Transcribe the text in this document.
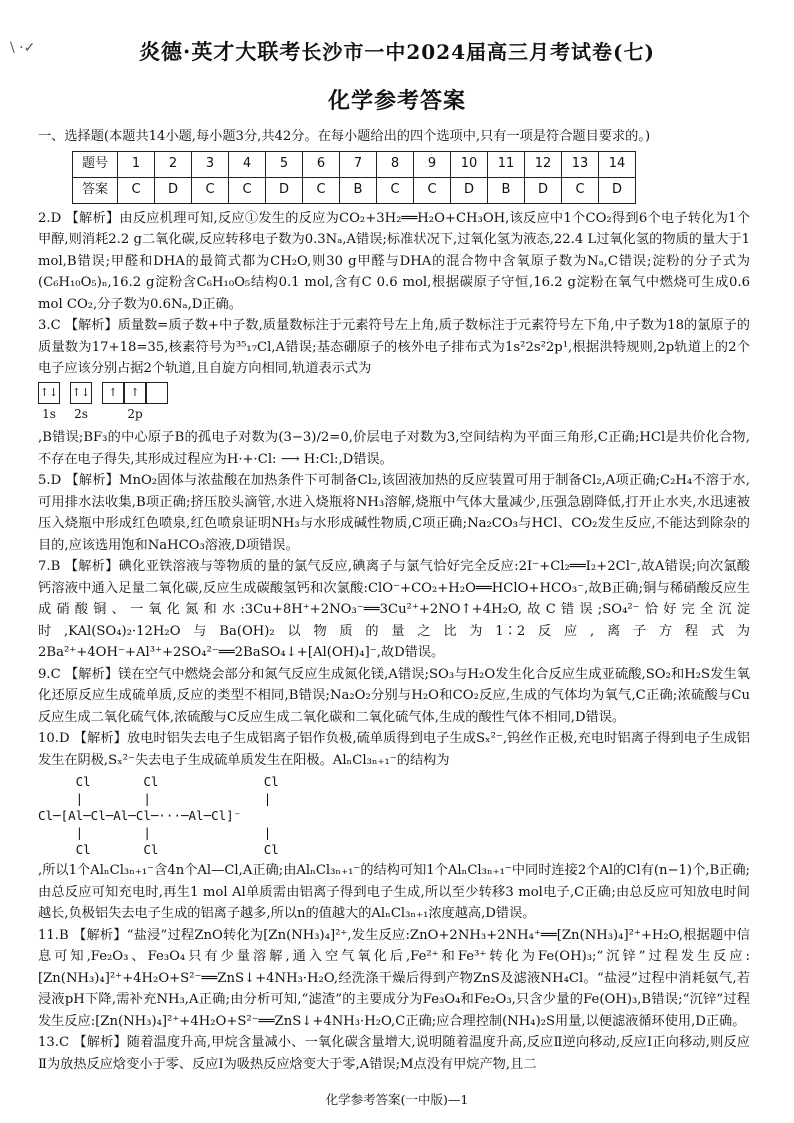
\ ·✓	炎德·英才大联考长沙市一中2024届高三月考试卷(七)
化学参考答案

一、选择题(本题共14小题,每小题3分,共42分。在每小题给出的四个选项中,只有一项是符合题目要求的。)

题号	1	2	3	4	5	6	7	8	9	10	11	12	13	14
答案	C	D	C	C	D	C	B	C	C	D	B	D	C	D

2.D 【解析】由反应机理可知,反应①发生的反应为CO₂+3H₂══H₂O+CH₃OH,该反应中1个CO₂得到6个电子转化为1个甲醇,则消耗2.2 g二氧化碳,反应转移电子数为0.3Nₐ,A错误;标准状况下,过氧化氢为液态,22.4 L过氧化氢的物质的量大于1 mol,B错误;甲醛和DHA的最简式都为CH₂O,则30 g甲醛与DHA的混合物中含氧原子数为Nₐ,C错误;淀粉的分子式为(C₆H₁₀O₅)ₙ,16.2 g淀粉含C₆H₁₀O₅结构0.1 mol,含有C 0.6 mol,根据碳原子守恒,16.2 g淀粉在氧气中燃烧可生成0.6 mol CO₂,分子数为0.6Nₐ,D正确。

3.C 【解析】质量数=质子数+中子数,质量数标注于元素符号左上角,质子数标注于元素符号左下角,中子数为18的氯原子的质量数为17+18=35,核素符号为³⁵₁₇Cl,A错误;基态硼原子的核外电子排布式为1s²2s²2p¹,根据洪特规则,2p轨道上的2个电子应该分别占据2个轨道,且自旋方向相同,轨道表示式为

↑↓
1s
↑↓
2s
↑	↑
2p

,B错误;BF₃的中心原子B的孤电子对数为(3−3)/2=0,价层电子对数为3,空间结构为平面三角形,C正确;HCl是共价化合物,不存在电子得失,其形成过程应为H·+·Cl: ⟶ H:Cl:,D错误。

5.D 【解析】MnO₂固体与浓盐酸在加热条件下可制备Cl₂,该固液加热的反应装置可用于制备Cl₂,A项正确;C₂H₄不溶于水,可用排水法收集,B项正确;挤压胶头滴管,水进入烧瓶将NH₃溶解,烧瓶中气体大量减少,压强急剧降低,打开止水夹,水迅速被压入烧瓶中形成红色喷泉,红色喷泉证明NH₃与水形成碱性物质,C项正确;Na₂CO₃与HCl、CO₂发生反应,不能达到除杂的目的,应该选用饱和NaHCO₃溶液,D项错误。

7.B 【解析】碘化亚铁溶液与等物质的量的氯气反应,碘离子与氯气恰好完全反应:2I⁻+Cl₂══I₂+2Cl⁻,故A错误;向次氯酸钙溶液中通入足量二氧化碳,反应生成碳酸氢钙和次氯酸:ClO⁻+CO₂+H₂O══HClO+HCO₃⁻,故B正确;铜与稀硝酸反应生成硝酸铜、一氧化氮和水:3Cu+8H⁺+2NO₃⁻══3Cu²⁺+2NO↑+4H₂O,故C错误;SO₄²⁻恰好完全沉淀时,KAl(SO₄)₂·12H₂O与Ba(OH)₂以物质的量之比为1∶2反应,离子方程式为2Ba²⁺+4OH⁻+Al³⁺+2SO₄²⁻══2BaSO₄↓+[Al(OH)₄]⁻,故D错误。

9.C 【解析】镁在空气中燃烧会部分和氮气反应生成氮化镁,A错误;SO₃与H₂O发生化合反应生成亚硫酸,SO₂和H₂S发生氧化还原反应生成硫单质,反应的类型不相同,B错误;Na₂O₂分别与H₂O和CO₂反应,生成的气体均为氧气,C正确;浓硫酸与Cu反应生成二氧化硫气体,浓硫酸与C反应生成二氧化碳和二氧化硫气体,生成的酸性气体不相同,D错误。

10.D 【解析】放电时铝失去电子生成铝离子铝作负极,硫单质得到电子生成Sₓ²⁻,钨丝作正极,充电时铝离子得到电子生成铝发生在阴极,Sₓ²⁻失去电子生成硫单质发生在阳极。AlₙCl₃ₙ₊₁⁻的结构为

Cl       Cl              Cl
|        |               |
Cl─[Al─Cl─Al─Cl─···─Al─Cl]⁻
|        |               |
Cl       Cl              Cl

,所以1个AlₙCl₃ₙ₊₁⁻含4n个Al—Cl,A正确;由AlₙCl₃ₙ₊₁⁻的结构可知1个AlₙCl₃ₙ₊₁⁻中同时连接2个Al的Cl有(n−1)个,B正确;由总反应可知充电时,再生1 mol Al单质需由铝离子得到电子生成,所以至少转移3 mol电子,C正确;由总反应可知放电时间越长,负极铝失去电子生成的铝离子越多,所以n的值越大的AlₙCl₃ₙ₊₁浓度越高,D错误。

11.B 【解析】“盐浸”过程ZnO转化为[Zn(NH₃)₄]²⁺,发生反应:ZnO+2NH₃+2NH₄⁺══[Zn(NH₃)₄]²⁺+H₂O,根据题中信息可知,Fe₂O₃、Fe₃O₄只有少量溶解,通入空气氧化后,Fe²⁺和Fe³⁺转化为Fe(OH)₃;“沉锌”过程发生反应:[Zn(NH₃)₄]²⁺+4H₂O+S²⁻══ZnS↓+4NH₃·H₂O,经洗涤干燥后得到产物ZnS及滤液NH₄Cl。“盐浸”过程中消耗氨气,若浸液pH下降,需补充NH₃,A正确;由分析可知,“滤渣”的主要成分为Fe₃O₄和Fe₂O₃,只含少量的Fe(OH)₃,B错误;“沉锌”过程发生反应:[Zn(NH₃)₄]²⁺+4H₂O+S²⁻══ZnS↓+4NH₃·H₂O,C正确;应合理控制(NH₄)₂S用量,以便滤液循环使用,D正确。

13.C 【解析】随着温度升高,甲烷含量减小、一氧化碳含量增大,说明随着温度升高,反应Ⅱ逆向移动,反应Ⅰ正向移动,则反应Ⅱ为放热反应焓变小于零、反应Ⅰ为吸热反应焓变大于零,A错误;M点没有甲烷产物,且二

化学参考答案(一中版)—1
